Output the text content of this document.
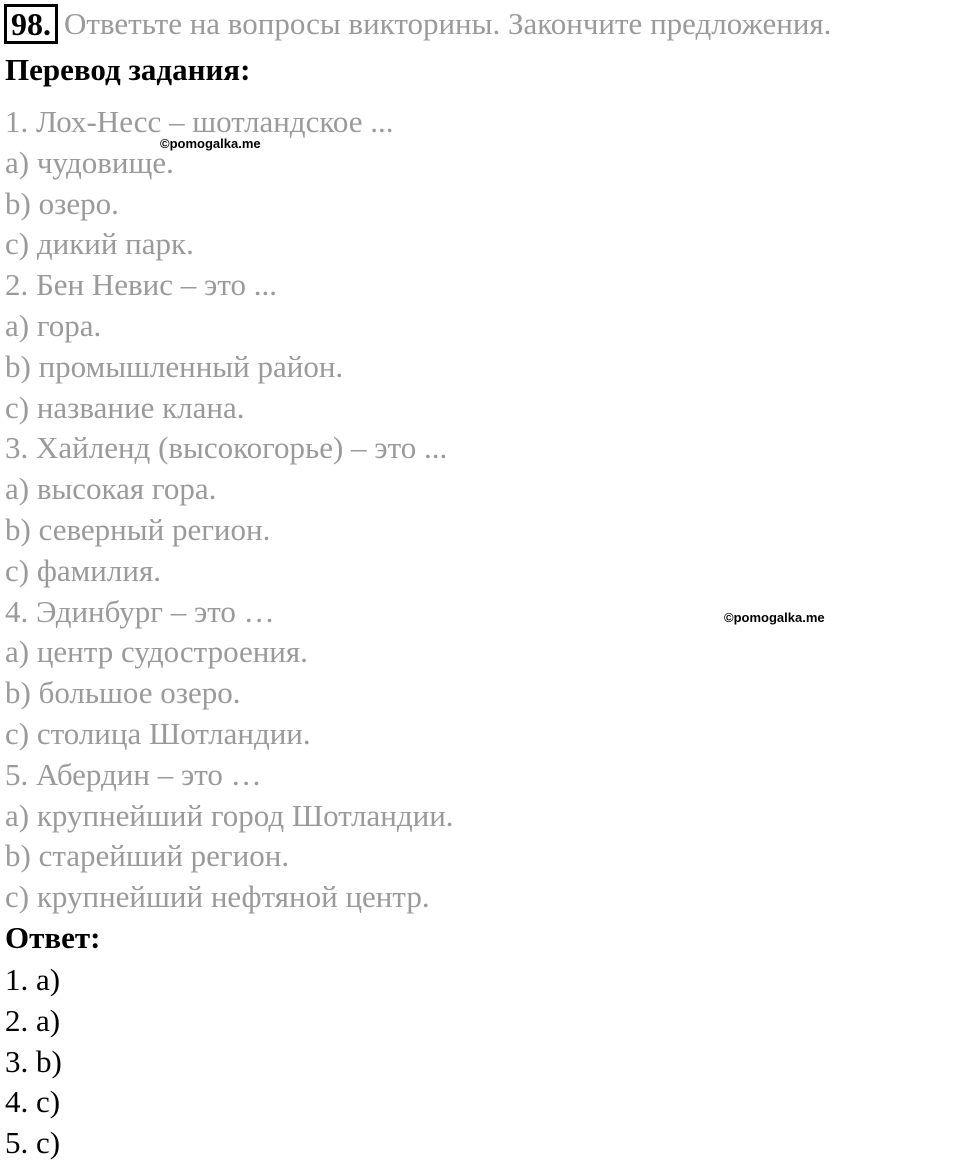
98. Ответьте на вопросы викторины. Закончите предложения.
Перевод задания:
1. Лох-Несс – шотландское ...
a) чудовище.
b) озеро.
c) дикий парк.
2. Бен Невис – это ...
a) гора.
b) промышленный район.
c) название клана.
3. Хайленд (высокогорье) – это ...
a) высокая гора.
b) северный регион.
c) фамилия.
4. Эдинбург – это …
a) центр судостроения.
b) большое озеро.
c) столица Шотландии.
5. Абердин – это …
a) крупнейший город Шотландии.
b) старейший регион.
c) крупнейший нефтяной центр.
Ответ:
1. a)
2. a)
3. b)
4. c)
5. c)
©pomogalka.me
©pomogalka.me
